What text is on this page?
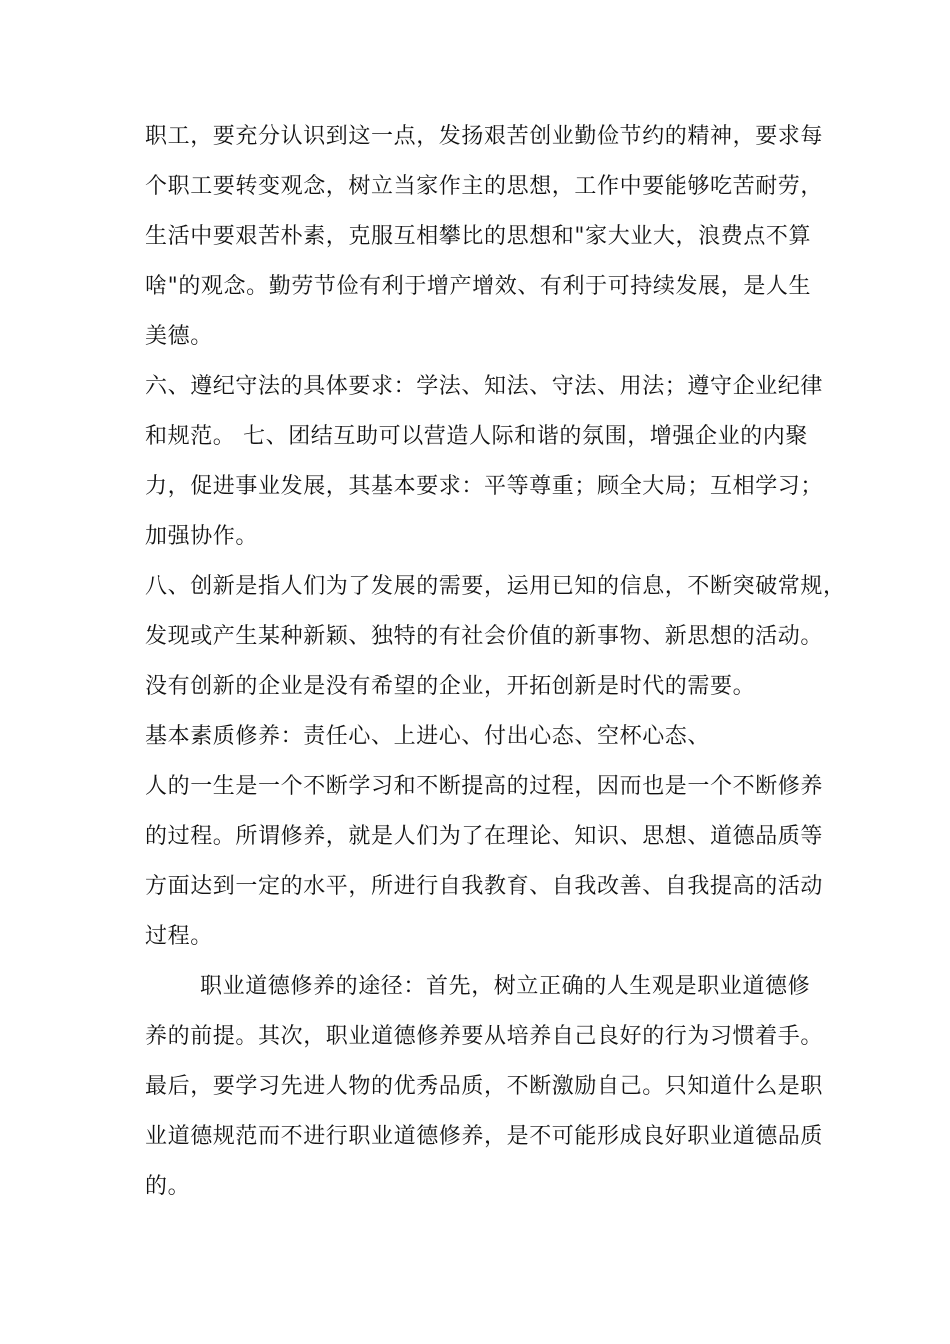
职工，要充分认识到这一点，发扬艰苦创业勤俭节约的精神，要求每
个职工要转变观念，树立当家作主的思想，工作中要能够吃苦耐劳，
生活中要艰苦朴素，克服互相攀比的思想和"家大业大，浪费点不算
啥"的观念。勤劳节俭有利于增产增效、有利于可持续发展，是人生
美德。
六、遵纪守法的具体要求：学法、知法、守法、用法；遵守企业纪律
和规范。 七、团结互助可以营造人际和谐的氛围，增强企业的内聚
力，促进事业发展，其基本要求：平等尊重；顾全大局；互相学习；
加强协作。
八、创新是指人们为了发展的需要，运用已知的信息，不断突破常规，
发现或产生某种新颖、独特的有社会价值的新事物、新思想的活动。
没有创新的企业是没有希望的企业，开拓创新是时代的需要。
基本素质修养：责任心、上进心、付出心态、空杯心态、
人的一生是一个不断学习和不断提高的过程，因而也是一个不断修养
的过程。所谓修养，就是人们为了在理论、知识、思想、道德品质等
方面达到一定的水平，所进行自我教育、自我改善、自我提高的活动
过程。
职业道德修养的途径：首先，树立正确的人生观是职业道德修
养的前提。其次，职业道德修养要从培养自己良好的行为习惯着手。
最后，要学习先进人物的优秀品质，不断激励自己。只知道什么是职
业道德规范而不进行职业道德修养，是不可能形成良好职业道德品质
的。
